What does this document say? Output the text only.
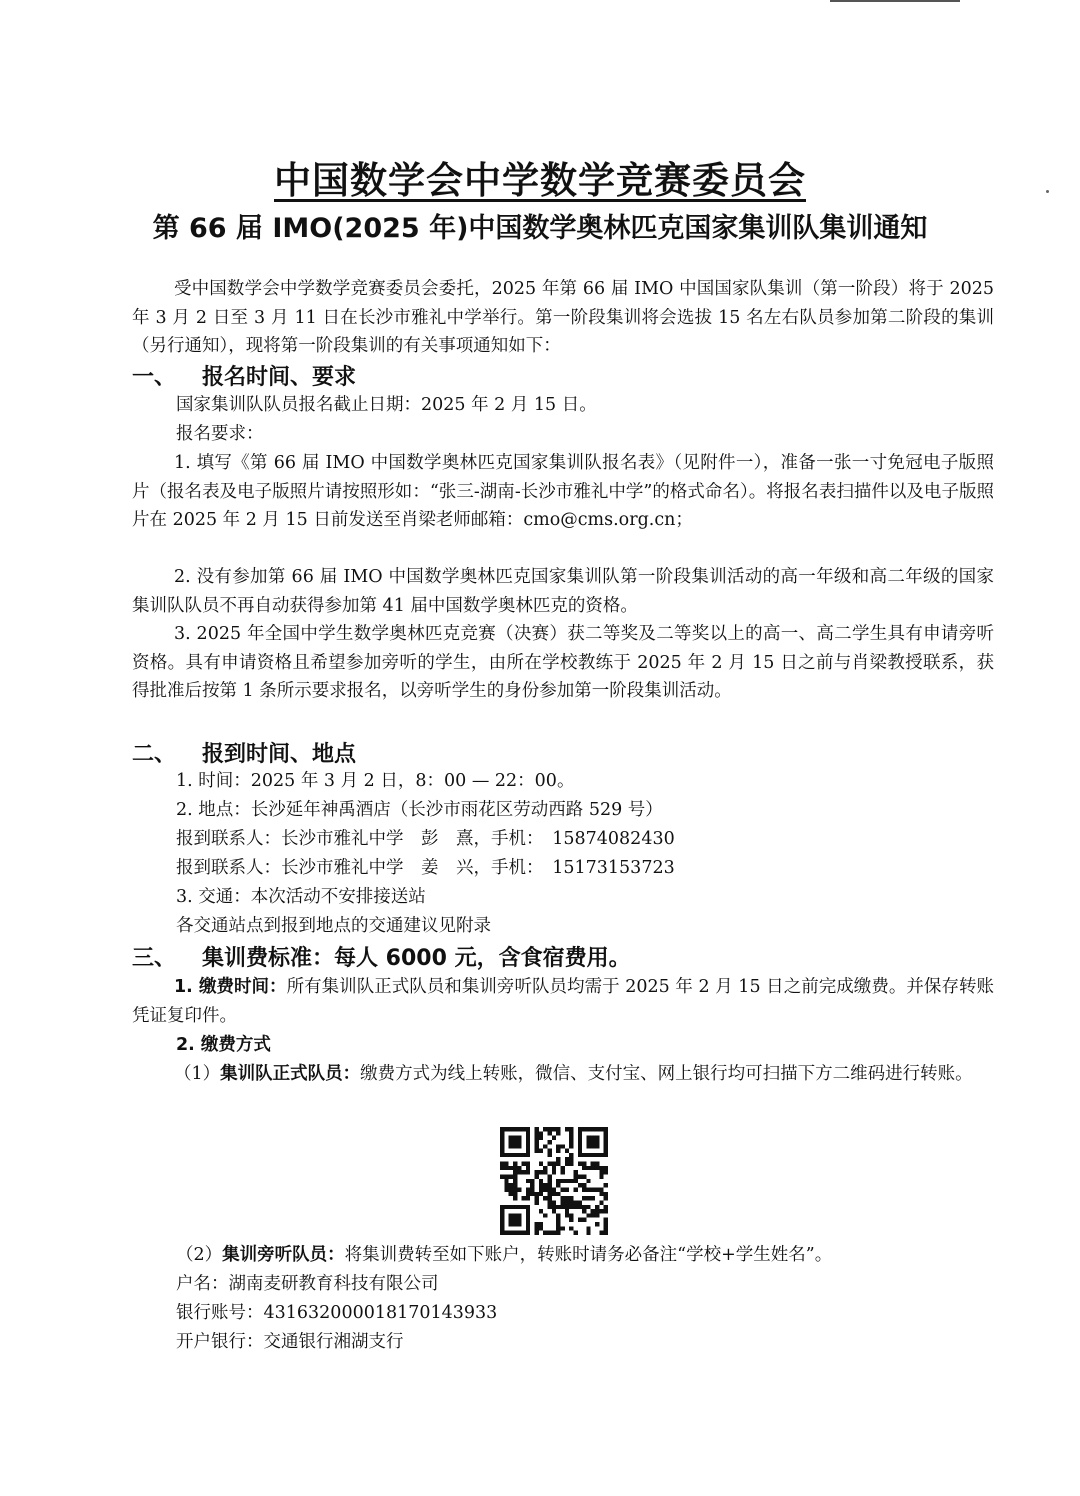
中国数学会中学数学竞赛委员会
第 66 届 IMO(2025 年)中国数学奥林匹克国家集训队集训通知
受中国数学会中学数学竞赛委员会委托，2025 年第 66 届 IMO 中国国家队集训（第一阶段）将于 2025 年 3 月 2 日至 3 月 11 日在长沙市雅礼中学举行。第一阶段集训将会选拔 15 名左右队员参加第二阶段的集训（另行通知），现将第一阶段集训的有关事项通知如下：
一、 报名时间、要求
国家集训队队员报名截止日期：2025 年 2 月 15 日。
报名要求：
1. 填写《第 66 届 IMO 中国数学奥林匹克国家集训队报名表》（见附件一），准备一张一寸免冠电子版照片（报名表及电子版照片请按照形如：“张三-湖南-长沙市雅礼中学”的格式命名）。将报名表扫描件以及电子版照片在 2025 年 2 月 15 日前发送至肖梁老师邮箱：cmo@cms.org.cn；
2. 没有参加第 66 届 IMO 中国数学奥林匹克国家集训队第一阶段集训活动的高一年级和高二年级的国家集训队队员不再自动获得参加第 41 届中国数学奥林匹克的资格。
3. 2025 年全国中学生数学奥林匹克竞赛（决赛）获二等奖及二等奖以上的高一、高二学生具有申请旁听资格。具有申请资格且希望参加旁听的学生，由所在学校教练于 2025 年 2 月 15 日之前与肖梁教授联系，获得批准后按第 1 条所示要求报名，以旁听学生的身份参加第一阶段集训活动。
二、 报到时间、地点
1. 时间：2025 年 3 月 2 日，8：00 — 22：00。
2. 地点：长沙延年神禹酒店（长沙市雨花区劳动西路 529 号）
报到联系人：长沙市雅礼中学　彭　熹，手机：　15874082430
报到联系人：长沙市雅礼中学　姜　兴，手机：　15173153723
3. 交通：本次活动不安排接送站
各交通站点到报到地点的交通建议见附录
三、 集训费标准：每人 6000 元，含食宿费用。
1. 缴费时间：所有集训队正式队员和集训旁听队员均需于 2025 年 2 月 15 日之前完成缴费。并保存转账凭证复印件。
2. 缴费方式
（1）集训队正式队员：缴费方式为线上转账，微信、支付宝、网上银行均可扫描下方二维码进行转账。
（2）集训旁听队员：将集训费转至如下账户，转账时请务必备注“学校+学生姓名”。
户名：湖南麦研教育科技有限公司
银行账号：431632000018170143933
开户银行：交通银行湘湖支行
